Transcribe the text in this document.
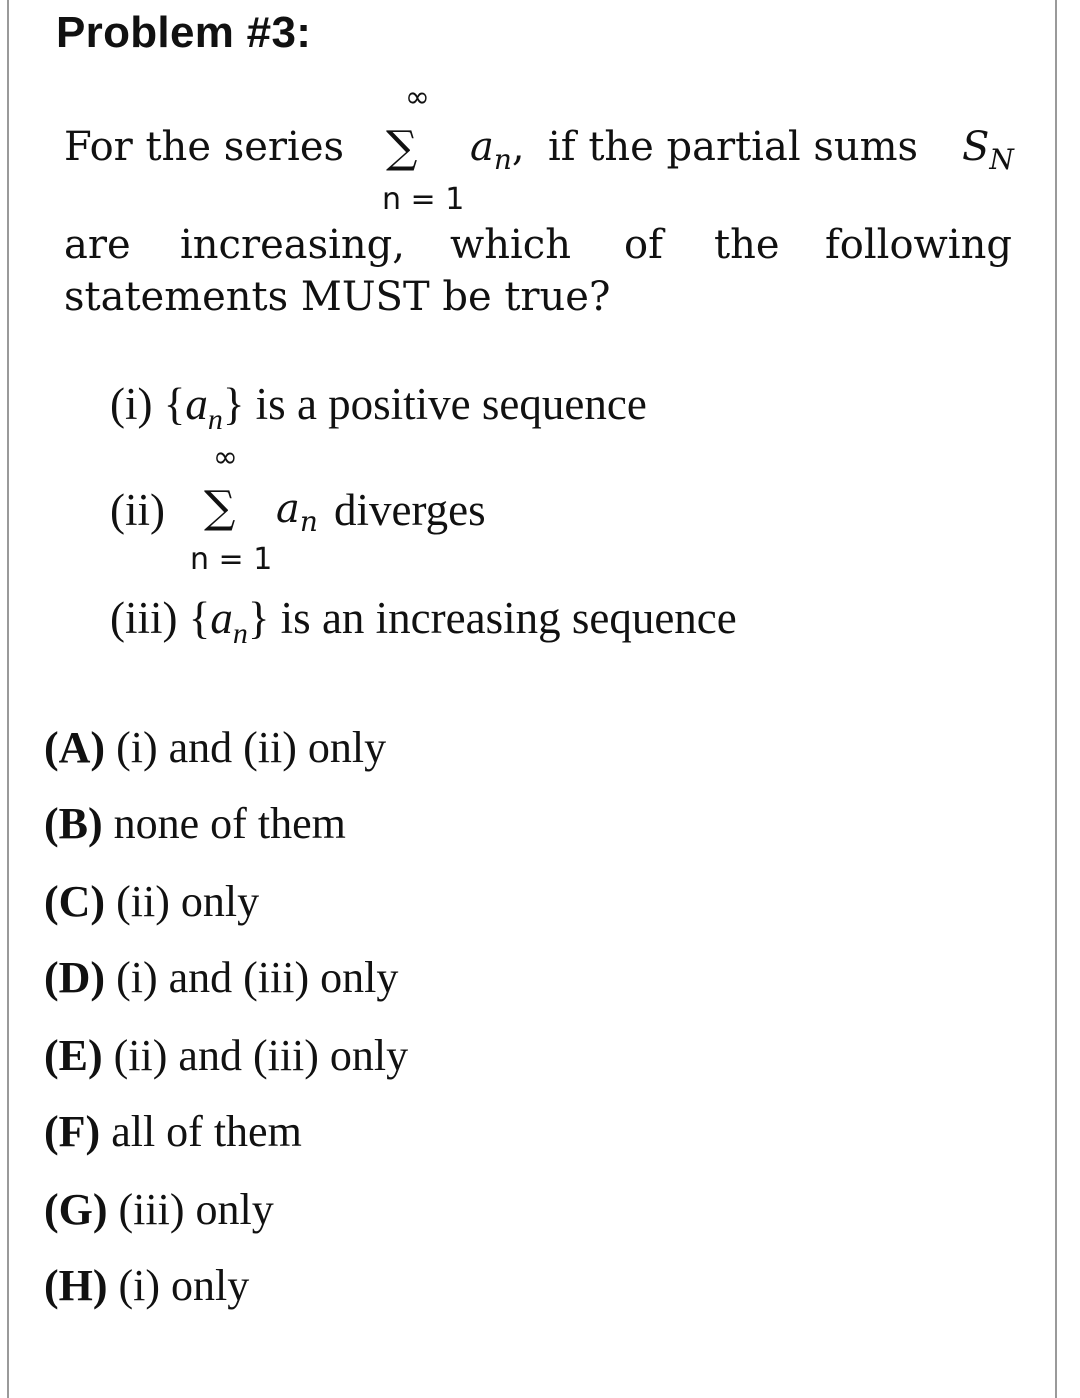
Problem #3:
For the series
∞
∑
n = 1
$a_n$, if the partial sums $S_N$
are increasing, which of the following
statements MUST be true?
(i) $\{a_n\}$ is a positive sequence
(ii)
∞
∑
n = 1
$a_n$ diverges
(iii) $\{a_n\}$ is an increasing sequence
(A) (i) and (ii) only
(B) none of them
(C) (ii) only
(D) (i) and (iii) only
(E) (ii) and (iii) only
(F) all of them
(G) (iii) only
(H) (i) only
